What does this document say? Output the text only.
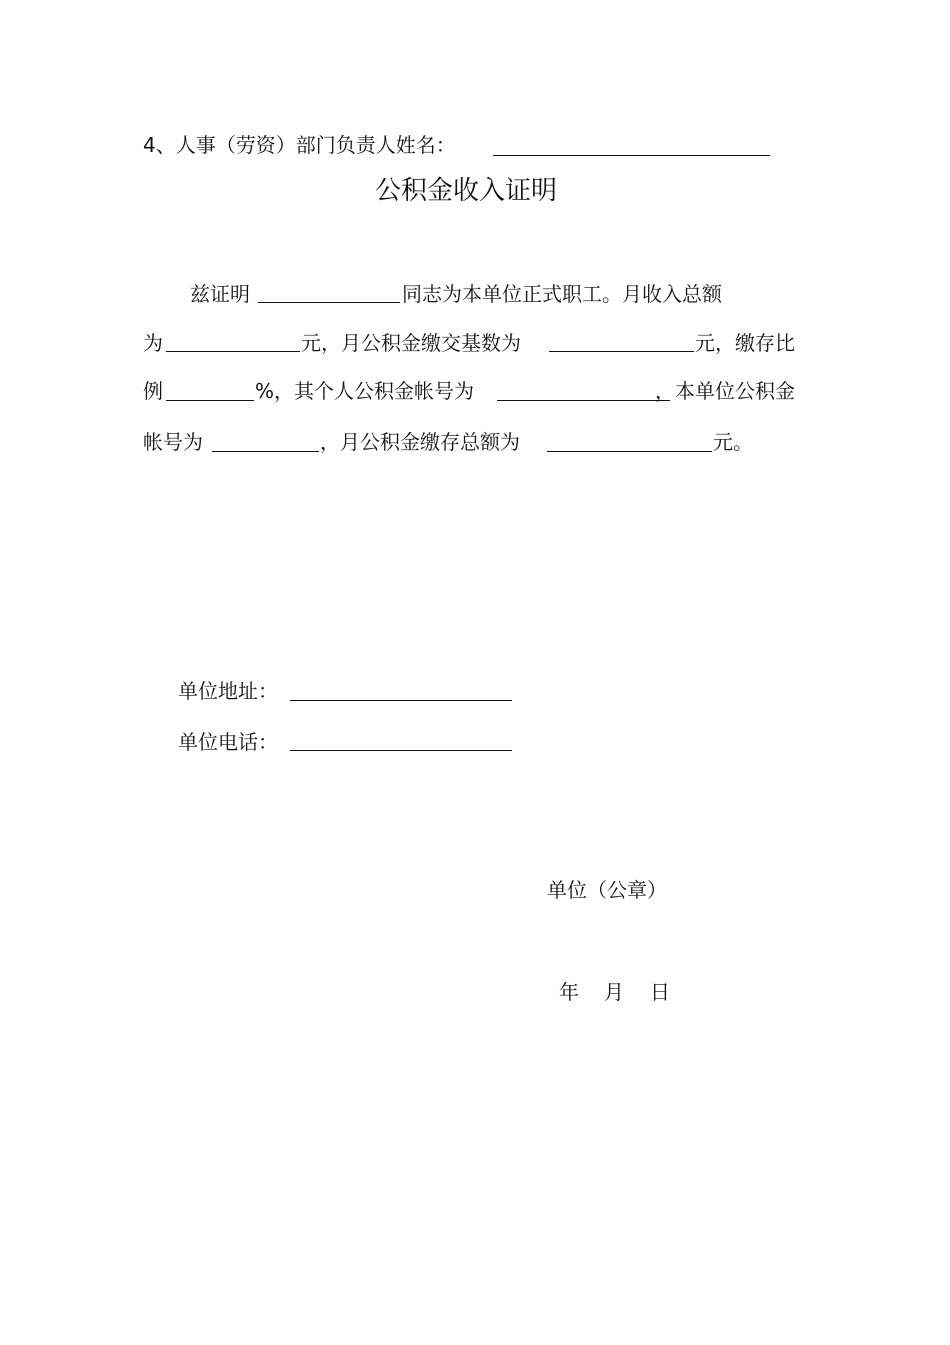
4、人事（劳资）部门负责人姓名：
公积金收入证明
兹证明	同志为本单位正式职工。月收入总额
为	元，月公积金缴交基数为	元，缴存比
例	%，其个人公积金帐号为	，本单位公积金
帐号为	，月公积金缴存总额为	元。
单位地址：
单位电话：
单位（公章）
年 月 日
